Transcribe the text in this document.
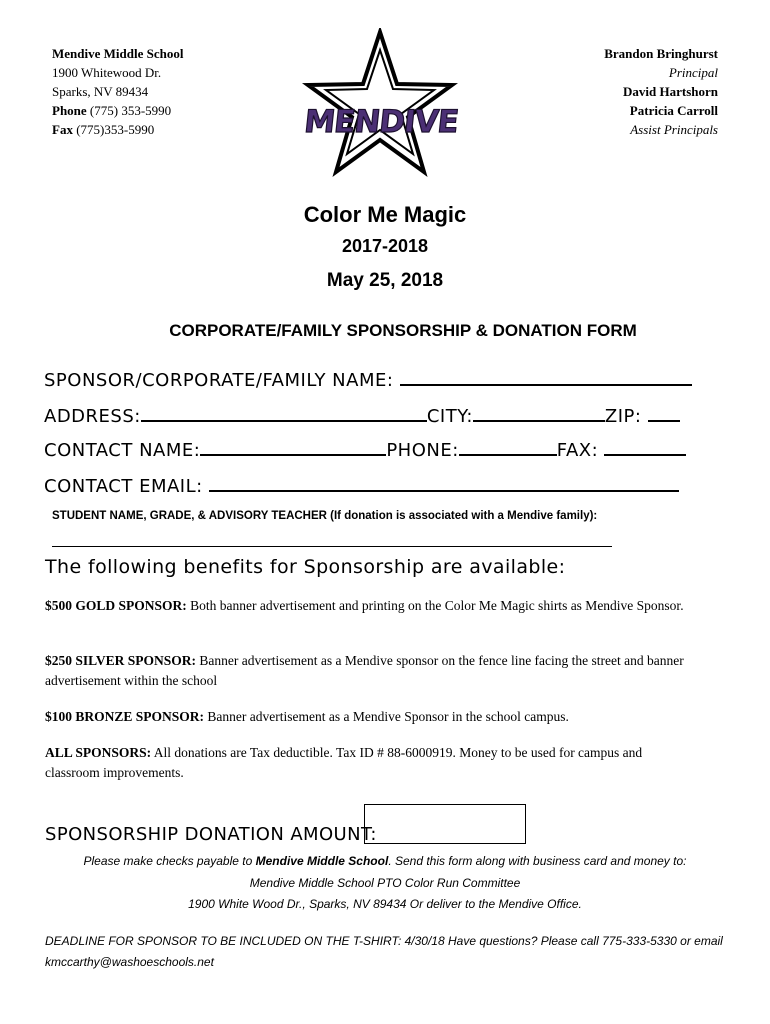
Mendive Middle School
1900 Whitewood Dr.
Sparks, NV 89434
Phone (775) 353-5990
Fax (775)353-5990	MENDIVE
Brandon Bringhurst
Principal
David Hartshorn
Patricia Carroll
Assist Principals
Color Me Magic
2017-2018
May 25, 2018
CORPORATE/FAMILY SPONSORSHIP & DONATION FORM
SPONSOR/CORPORATE/FAMILY NAME:
ADDRESS:	CITY:	ZIP:
CONTACT NAME:	PHONE:	FAX:
CONTACT EMAIL:
STUDENT NAME, GRADE, & ADVISORY TEACHER (If donation is associated with a Mendive family):
The following benefits for Sponsorship are available:
$500 GOLD SPONSOR: Both banner advertisement and printing on the Color Me Magic shirts as Mendive Sponsor.
$250 SILVER SPONSOR: Banner advertisement as a Mendive sponsor on the fence line facing the street and banner advertisement within the school
$100 BRONZE SPONSOR: Banner advertisement as a Mendive Sponsor in the school campus.
ALL SPONSORS: All donations are Tax deductible. Tax ID # 88-6000919. Money to be used for campus and classroom improvements.
SPONSORSHIP DONATION AMOUNT:
Please make checks payable to Mendive Middle School. Send this form along with business card and money to:
Mendive Middle School PTO Color Run Committee
1900 White Wood Dr., Sparks, NV 89434 Or deliver to the Mendive Office.
DEADLINE FOR SPONSOR TO BE INCLUDED ON THE T-SHIRT: 4/30/18 Have questions? Please call 775-333-5330 or email
kmccarthy@washoeschools.net
